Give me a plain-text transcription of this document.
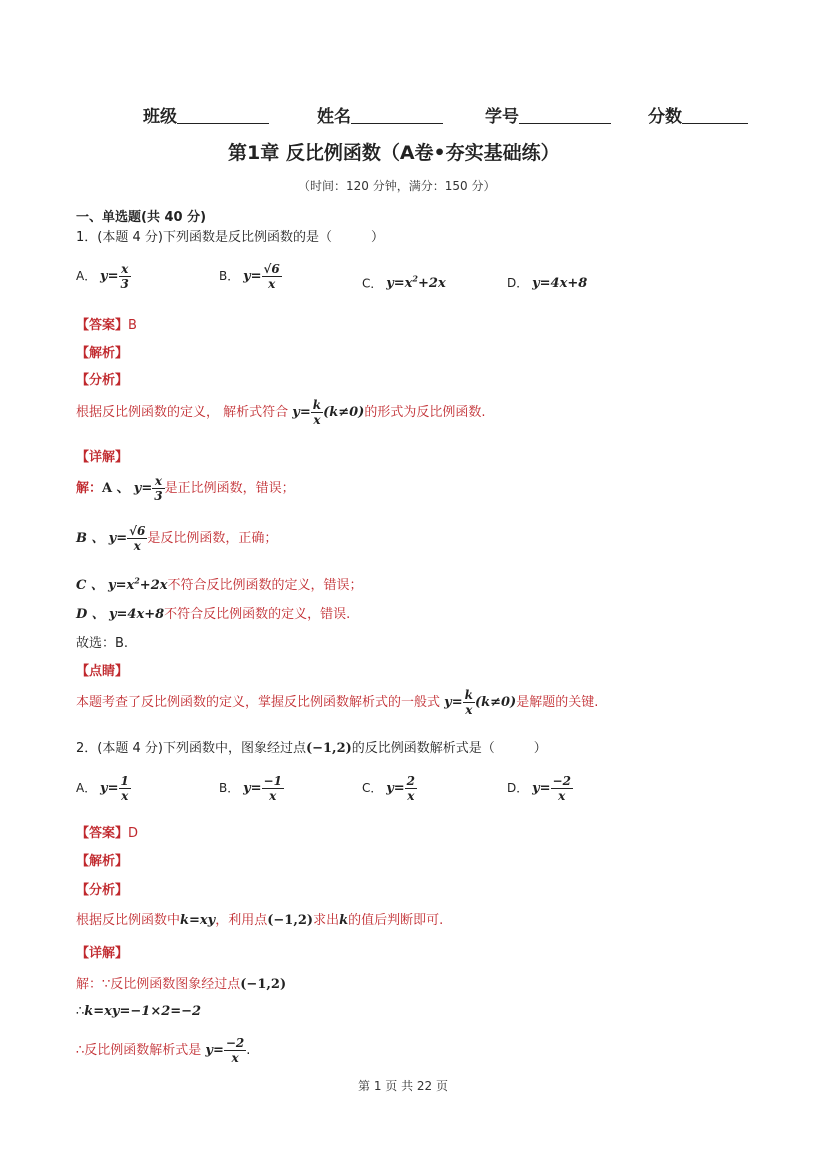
班级	姓名	学号	分数
第1章 反比例函数（A卷•夯实基础练）
（时间：120 分钟，满分：150 分）
一、单选题(共 40 分)
1．(本题 4 分)下列函数是反比例函数的是（　　　）
A． $y= \frac{x}{3}$	B． $y= \frac{√6}{x}$	C． $y=x^2+2x$	D． y=4x+8
【答案】B
【解析】
【分析】
根据反比例函数的定义， 解析式符合 $y= \frac{k}{x} (k\ne 0)$的形式为反比例函数.
【详解】
解：A 、 $y= \frac{x}{3}$ 是正比例函数，错误；
B 、 $y= \frac{√6}{x}$ 是反比例函数，正确；
C 、 $y=x^2+2x$不符合反比例函数的定义，错误；
D 、 y=4x+8不符合反比例函数的定义，错误.
故选：B.
【点睛】
本题考查了反比例函数的定义，掌握反比例函数解析式的一般式 $y= \frac{k}{x} (k\ne 0)$是解题的关键.
2．(本题 4 分)下列函数中，图象经过点(−1,2)的反比例函数解析式是（　　　）
A． $y= \frac{1}{x}$	B． $y= \frac{-1}{x}$	C． $y= \frac{2}{x}$	D． $y= \frac{-2}{x}$
【答案】D
【解析】
【分析】
根据反比例函数中k=xy，利用点(−1,2)求出k的值后判断即可.
【详解】
解：∵反比例函数图象经过点(−1,2)
∴k=xy=−1×2=−2
∴反比例函数解析式是 $y= \frac{-2}{x}$ .
第 1 页 共 22 页
